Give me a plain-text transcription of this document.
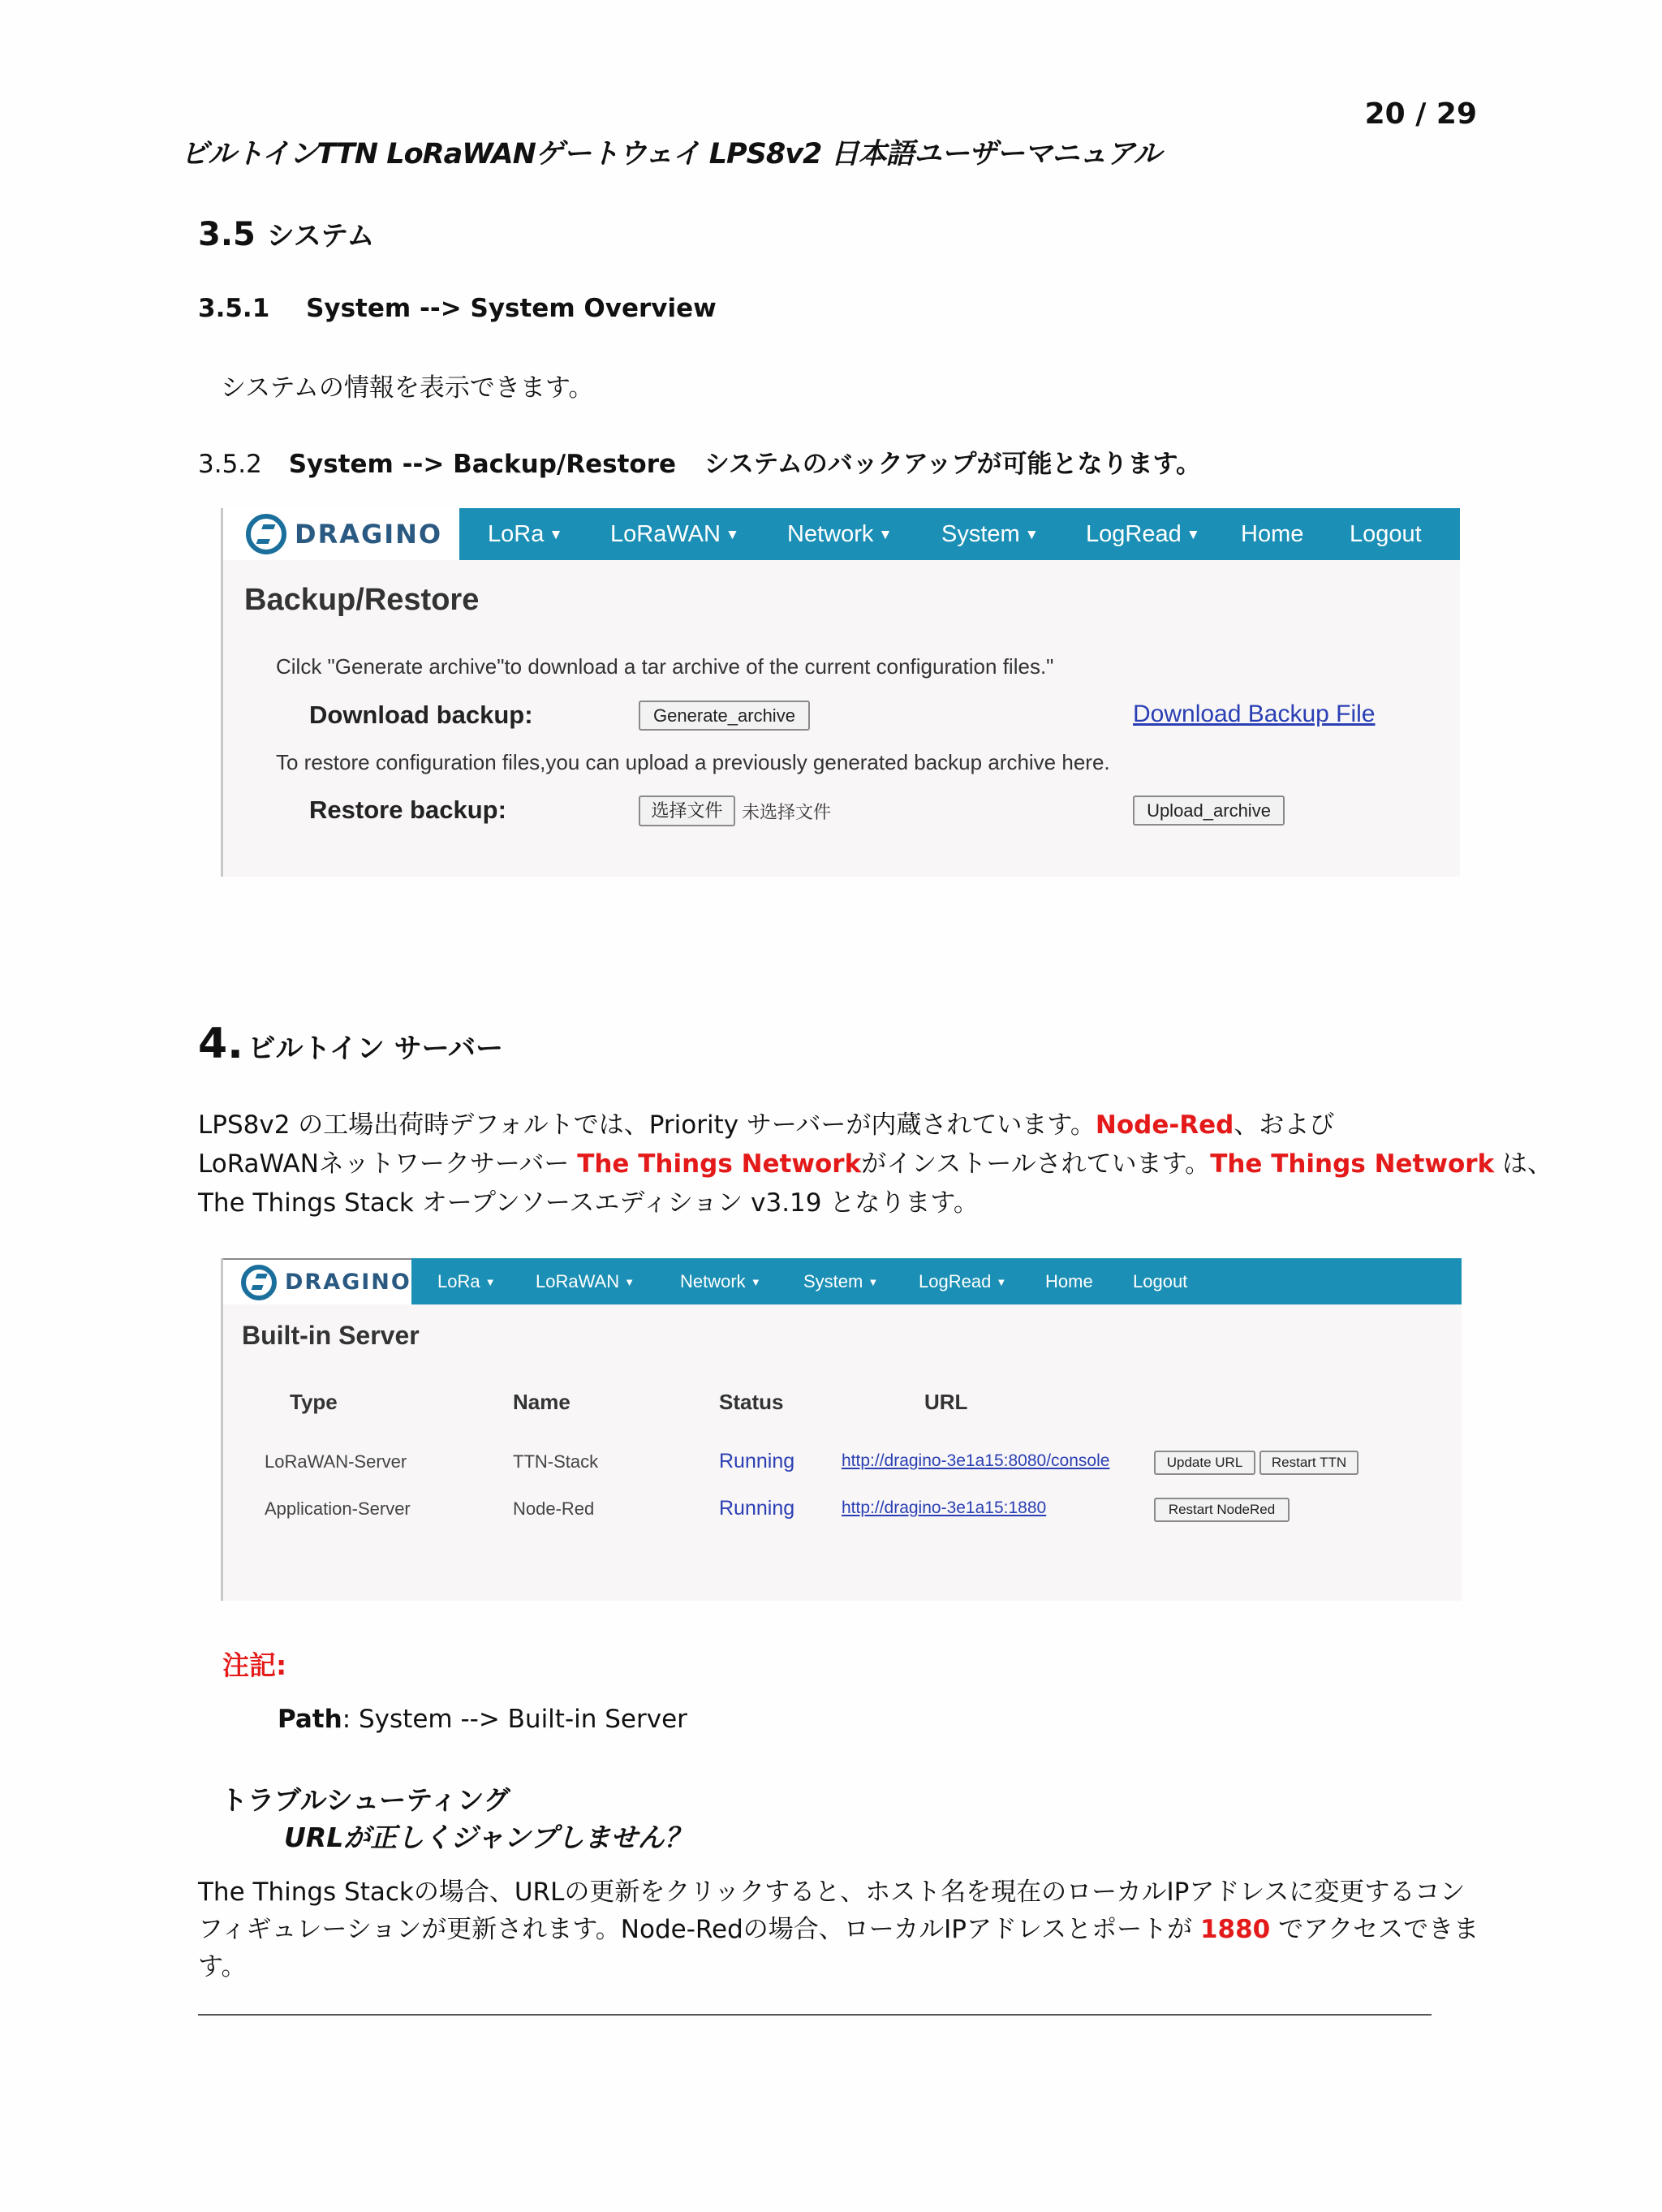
20 / 29
ビルトインTTN LoRaWANゲートウェイ LPS8v2 日本語ユーザーマニュアル
3.5 システム
3.5.1 System --> System Overview
システムの情報を表示できます。
3.5.2 System --> Backup/Restore システムのバックアップが可能となります。
DRAGINO LoRa ▼ LoRaWAN ▼ Network ▼ System ▼ LogRead ▼ Home Logout
Backup/Restore
Cilck "Generate archive"to download a tar archive of the current configuration files."
Download backup:	Generate_archive	Download Backup File
To restore configuration files,you can upload a previously generated backup archive here.
Restore backup:	选择文件	未选择文件	Upload_archive
4. ビルトイン サーバー
LPS8v2 の工場出荷時デフォルトでは、Priority サーバーが内蔵されています。Node-Red、および
LoRaWANネットワークサーバー The Things Networkがインストールされています。The Things Network は、
The Things Stack オープンソースエディション v3.19 となります。
DRAGINO LoRa ▼ LoRaWAN ▼	Network ▼ System ▼ LogRead ▼ Home Logout
Built-in Server
Type	Name	Status	URL
LoRaWAN-Server	TTN-Stack	Running	http://dragino-3e1a15:8080/console	Update URL	Restart TTN
Application-Server	Node-Red	Running	http://dragino-3e1a15:1880	Restart NodeRed
注記:
Path: System --> Built-in Server
トラブルシューティング
URLが正しくジャンプしません？
The Things Stackの場合、URLの更新をクリックすると、ホスト名を現在のローカルIPアドレスに変更するコン
フィギュレーションが更新されます。Node-Redの場合、ローカルIPアドレスとポートが 1880 でアクセスできま
す。
